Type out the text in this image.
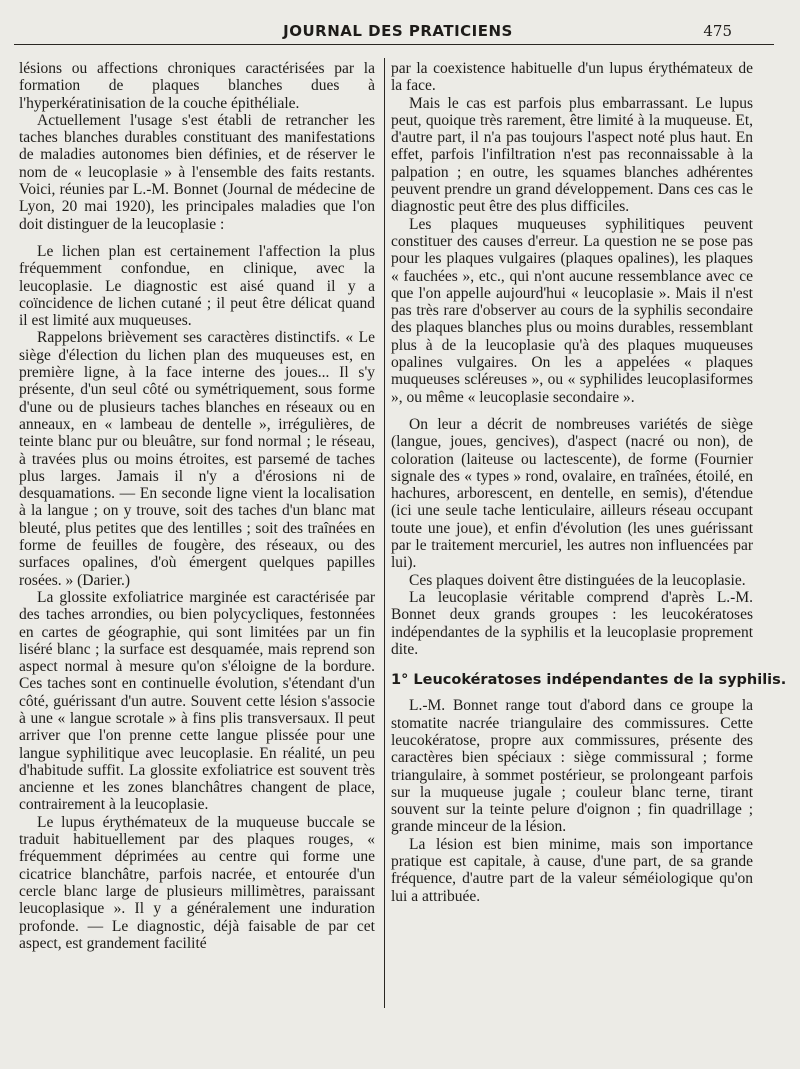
JOURNAL DES PRATICIENS	475

lésions ou affections chroniques caractérisées par la formation de plaques blanches dues à l'hyperkératinisation de la couche épithéliale.

Actuellement l'usage s'est établi de retrancher les taches blanches durables constituant des manifestations de maladies autonomes bien définies, et de réserver le nom de « leucoplasie » à l'ensemble des faits restants. Voici, réunies par L.-M. Bonnet (Journal de médecine de Lyon, 20 mai 1920), les principales maladies que l'on doit distinguer de la leucoplasie :

Le lichen plan est certainement l'affection la plus fréquemment confondue, en clinique, avec la leucoplasie. Le diagnostic est aisé quand il y a coïncidence de lichen cutané ; il peut être délicat quand il est limité aux muqueuses.

Rappelons brièvement ses caractères distinctifs. « Le siège d'élection du lichen plan des muqueuses est, en première ligne, à la face interne des joues... Il s'y présente, d'un seul côté ou symétriquement, sous forme d'une ou de plusieurs taches blanches en réseaux ou en anneaux, en « lambeau de dentelle », irrégulières, de teinte blanc pur ou bleuâtre, sur fond normal ; le réseau, à travées plus ou moins étroites, est parsemé de taches plus larges. Jamais il n'y a d'érosions ni de desquamations. — En seconde ligne vient la localisation à la langue ; on y trouve, soit des taches d'un blanc mat bleuté, plus petites que des lentilles ; soit des traînées en forme de feuilles de fougère, des réseaux, ou des surfaces opalines, d'où émergent quelques papilles rosées. » (Darier.)

La glossite exfoliatrice marginée est caractérisée par des taches arrondies, ou bien polycycliques, festonnées en cartes de géographie, qui sont limitées par un fin liséré blanc ; la surface est desquamée, mais reprend son aspect normal à mesure qu'on s'éloigne de la bordure. Ces taches sont en continuelle évolution, s'étendant d'un côté, guérissant d'un autre. Souvent cette lésion s'associe à une « langue scrotale » à fins plis transversaux. Il peut arriver que l'on prenne cette langue plissée pour une langue syphilitique avec leucoplasie. En réalité, un peu d'habitude suffit. La glossite exfoliatrice est souvent très ancienne et les zones blanchâtres changent de place, contrairement à la leucoplasie.

Le lupus érythémateux de la muqueuse buccale se traduit habituellement par des plaques rouges, « fréquemment déprimées au centre qui forme une cicatrice blanchâtre, parfois nacrée, et entourée d'un cercle blanc large de plusieurs millimètres, paraissant leucoplasique ». Il y a généralement une induration profonde. — Le diagnostic, déjà faisable de par cet aspect, est grandement facilité

par la coexistence habituelle d'un lupus érythémateux de la face.

Mais le cas est parfois plus embarrassant. Le lupus peut, quoique très rarement, être limité à la muqueuse. Et, d'autre part, il n'a pas toujours l'aspect noté plus haut. En effet, parfois l'infiltration n'est pas reconnaissable à la palpation ; en outre, les squames blanches adhérentes peuvent prendre un grand développement. Dans ces cas le diagnostic peut être des plus difficiles.

Les plaques muqueuses syphilitiques peuvent constituer des causes d'erreur. La question ne se pose pas pour les plaques vulgaires (plaques opalines), les plaques « fauchées », etc., qui n'ont aucune ressemblance avec ce que l'on appelle aujourd'hui « leucoplasie ». Mais il n'est pas très rare d'observer au cours de la syphilis secondaire des plaques blanches plus ou moins durables, ressemblant plus à de la leucoplasie qu'à des plaques muqueuses opalines vulgaires. On les a appelées « plaques muqueuses scléreuses », ou « syphilides leucoplasiformes », ou même « leucoplasie secondaire ».

On leur a décrit de nombreuses variétés de siège (langue, joues, gencives), d'aspect (nacré ou non), de coloration (laiteuse ou lactescente), de forme (Fournier signale des « types » rond, ovalaire, en traînées, étoilé, en hachures, arborescent, en dentelle, en semis), d'étendue (ici une seule tache lenticulaire, ailleurs réseau occupant toute une joue), et enfin d'évolution (les unes guérissant par le traitement mercuriel, les autres non influencées par lui).

Ces plaques doivent être distinguées de la leucoplasie.

La leucoplasie véritable comprend d'après L.-M. Bonnet deux grands groupes : les leucokératoses indépendantes de la syphilis et la leucoplasie proprement dite.

1° Leucokératoses indépendantes de la syphilis.

L.-M. Bonnet range tout d'abord dans ce groupe la stomatite nacrée triangulaire des commissures. Cette leucokératose, propre aux commissures, présente des caractères bien spéciaux : siège commissural ; forme triangulaire, à sommet postérieur, se prolongeant parfois sur la muqueuse jugale ; couleur blanc terne, tirant souvent sur la teinte pelure d'oignon ; fin quadrillage ; grande minceur de la lésion.

La lésion est bien minime, mais son importance pratique est capitale, à cause, d'une part, de sa grande fréquence, d'autre part de la valeur séméiologique qu'on lui a attribuée.
